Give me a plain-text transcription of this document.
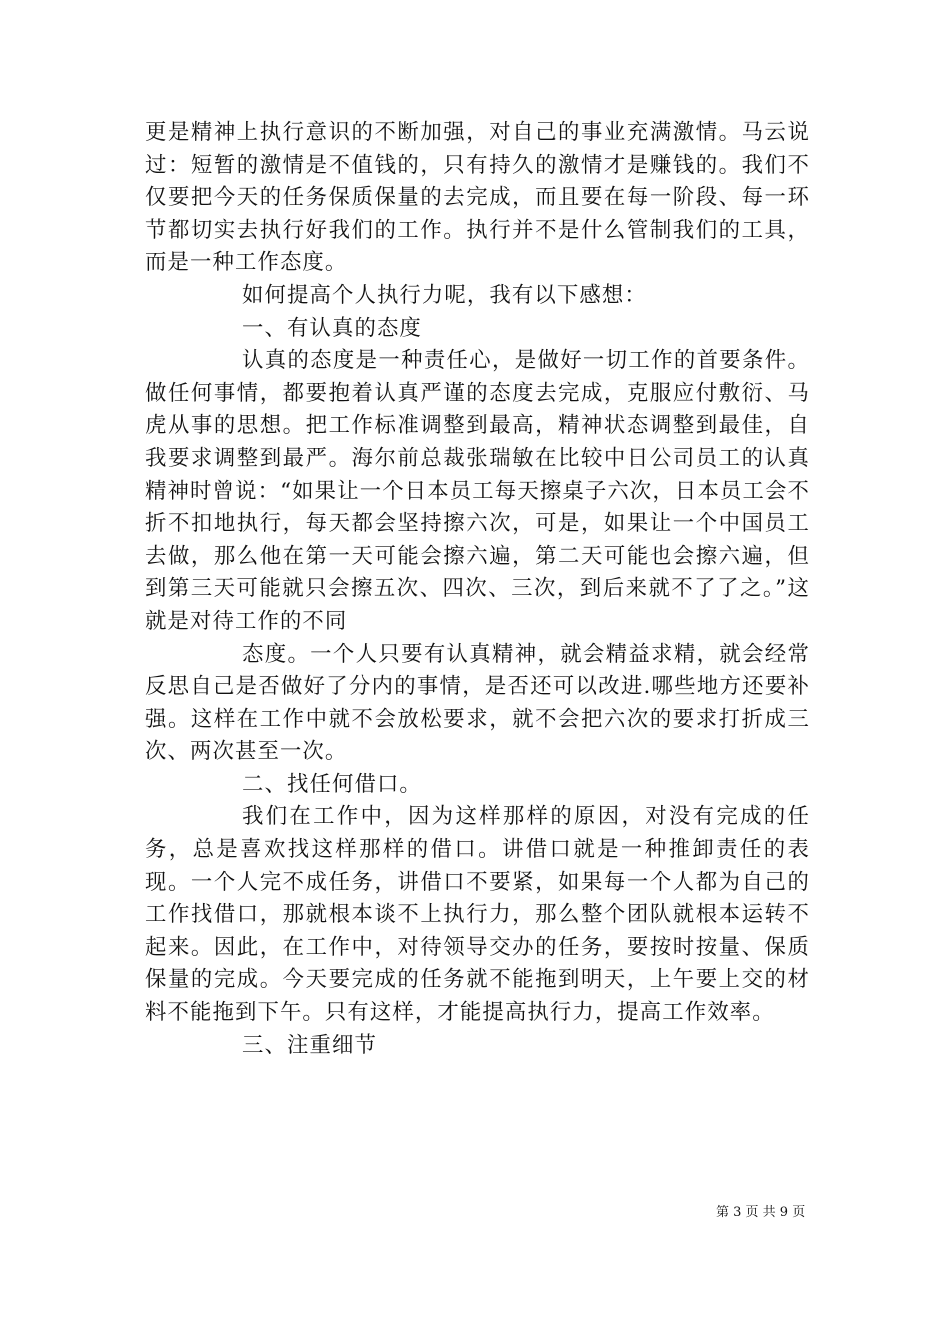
更是精神上执行意识的不断加强，对自己的事业充满激情。马云说过：短暂的激情是不值钱的，只有持久的激情才是赚钱的。我们不仅要把今天的任务保质保量的去完成，而且要在每一阶段、每一环节都切实去执行好我们的工作。执行并不是什么管制我们的工具，而是一种工作态度。

如何提高个人执行力呢，我有以下感想：

一、有认真的态度

认真的态度是一种责任心，是做好一切工作的首要条件。做任何事情，都要抱着认真严谨的态度去完成，克服应付敷衍、马虎从事的思想。把工作标准调整到最高，精神状态调整到最佳，自我要求调整到最严。海尔前总裁张瑞敏在比较中日公司员工的认真精神时曾说：“如果让一个日本员工每天擦桌子六次，日本员工会不折不扣地执行，每天都会坚持擦六次，可是，如果让一个中国员工去做，那么他在第一天可能会擦六遍，第二天可能也会擦六遍，但到第三天可能就只会擦五次、四次、三次，到后来就不了了之。”这就是对待工作的不同

态度。一个人只要有认真精神，就会精益求精，就会经常反思自己是否做好了分内的事情，是否还可以改进.哪些地方还要补强。这样在工作中就不会放松要求，就不会把六次的要求打折成三次、两次甚至一次。

二、找任何借口。

我们在工作中，因为这样那样的原因，对没有完成的任务，总是喜欢找这样那样的借口。讲借口就是一种推卸责任的表现。一个人完不成任务，讲借口不要紧，如果每一个人都为自己的工作找借口，那就根本谈不上执行力，那么整个团队就根本运转不起来。因此，在工作中，对待领导交办的任务，要按时按量、保质保量的完成。今天要完成的任务就不能拖到明天，上午要上交的材料不能拖到下午。只有这样，才能提高执行力，提高工作效率。

三、注重细节

第 3 页 共 9 页
